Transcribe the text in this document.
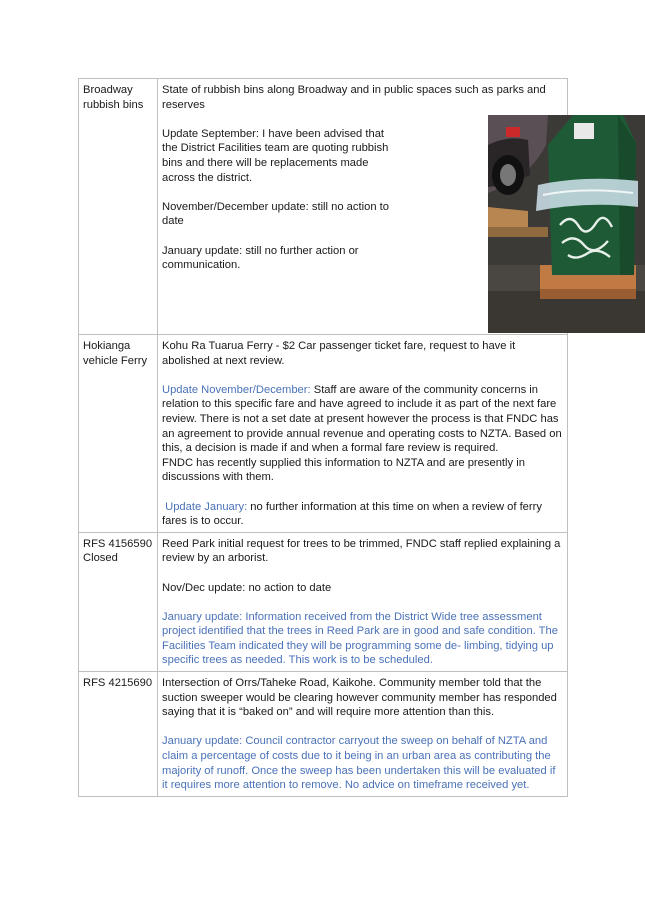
Broadway rubbish bins	State of rubbish bins along Broadway and in public spaces such as parks and reserves

Update September: I have been advised that the District Facilities team are quoting rubbish bins and there will be replacements made across the district.

November/December update: still no action to date

January update: still no further action or communication.

Hokianga vehicle Ferry	Kohu Ra Tuarua Ferry - $2 Car passenger ticket fare, request to have it abolished at next review.

Update November/December: Staff are aware of the community concerns in relation to this specific fare and have agreed to include it as part of the next fare review. There is not a set date at present however the process is that FNDC has an agreement to provide annual revenue and operating costs to NZTA. Based on this, a decision is made if and when a formal fare review is required.

FNDC has recently supplied this information to NZTA and are presently in discussions with them.

Update January: no further information at this time on when a review of ferry fares is to occur.

RFS 4156590 Closed	Reed Park initial request for trees to be trimmed, FNDC staff replied explaining a review by an arborist.

Nov/Dec update: no action to date

January update: Information received from the District Wide tree assessment project identified that the trees in Reed Park are in good and safe condition. The Facilities Team indicated they will be programming some de- limbing, tidying up specific trees as needed. This work is to be scheduled.

RFS 4215690	Intersection of Orrs/Taheke Road, Kaikohe. Community member told that the suction sweeper would be clearing however community member has responded saying that it is “baked on” and will require more attention than this.

January update: Council contractor carryout the sweep on behalf of NZTA and claim a percentage of costs due to it being in an urban area as contributing the majority of runoff. Once the sweep has been undertaken this will be evaluated if it requires more attention to remove. No advice on timeframe received yet.
